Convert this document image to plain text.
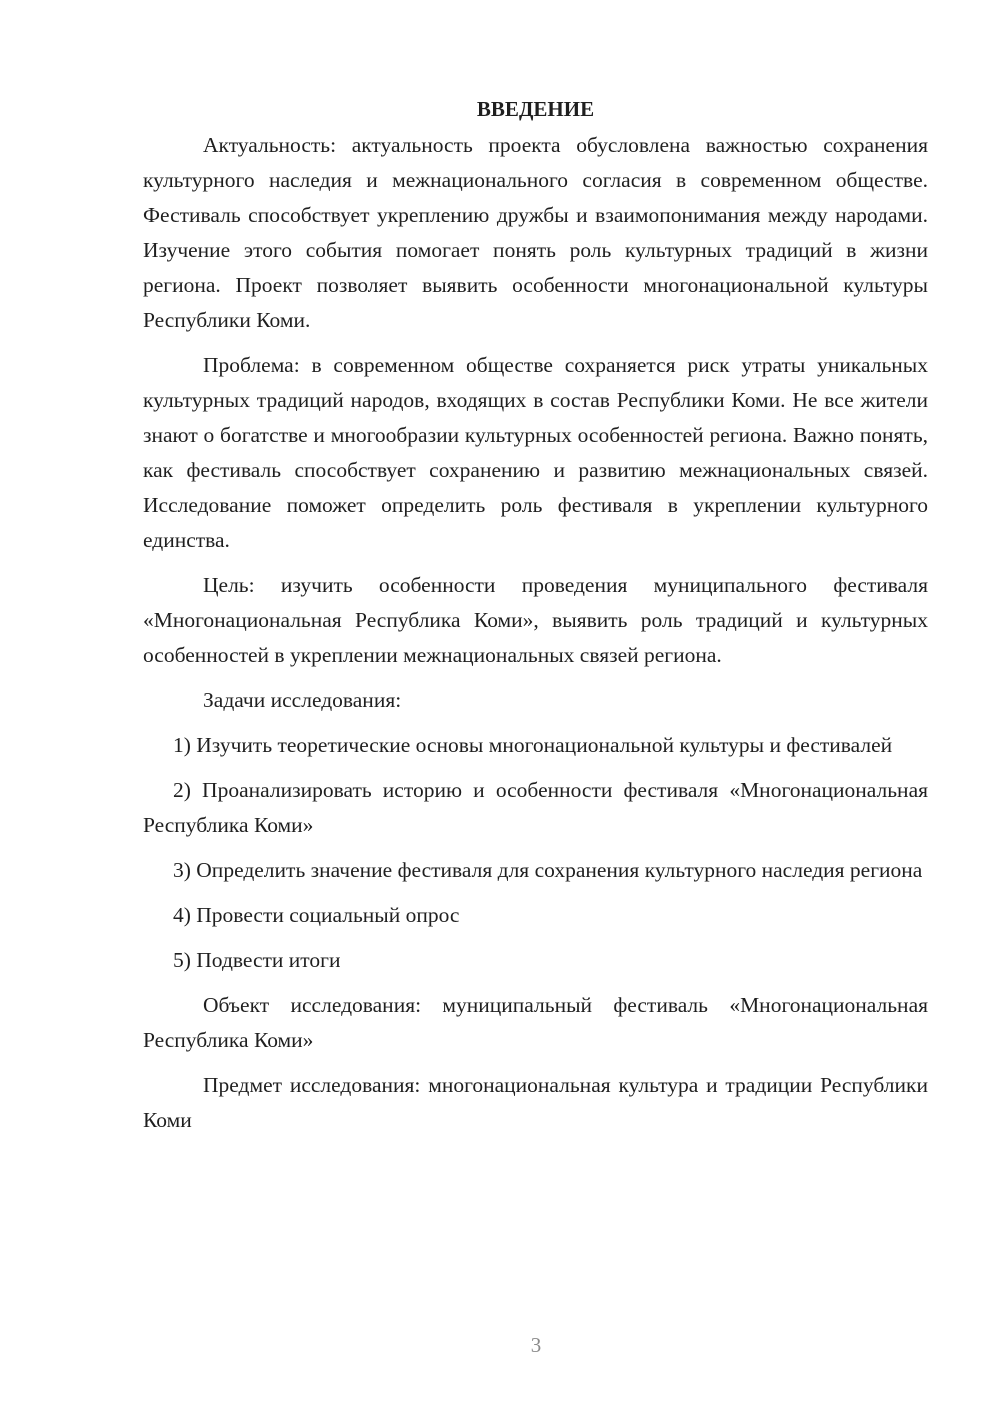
ВВЕДЕНИЕ

Актуальность: актуальность проекта обусловлена важностью сохранения культурного наследия и межнационального согласия в современном обществе. Фестиваль способствует укреплению дружбы и взаимопонимания между народами. Изучение этого события помогает понять роль культурных традиций в жизни региона. Проект позволяет выявить особенности многонациональной культуры Республики Коми.

Проблема: в современном обществе сохраняется риск утраты уникальных культурных традиций народов, входящих в состав Республики Коми. Не все жители знают о богатстве и многообразии культурных особенностей региона. Важно понять, как фестиваль способствует сохранению и развитию межнациональных связей. Исследование поможет определить роль фестиваля в укреплении культурного единства.

Цель: изучить особенности проведения муниципального фестиваля «Многонациональная Республика Коми», выявить роль традиций и культурных особенностей в укреплении межнациональных связей региона.

Задачи исследования:

1) Изучить теоретические основы многонациональной культуры и фестивалей

2) Проанализировать историю и особенности фестиваля «Многонациональная Республика Коми»

3) Определить значение фестиваля для сохранения культурного наследия региона

4) Провести социальный опрос

5) Подвести итоги

Объект исследования: муниципальный фестиваль «Многонациональная Республика Коми»

Предмет исследования: многонациональная культура и традиции Республики Коми

3
